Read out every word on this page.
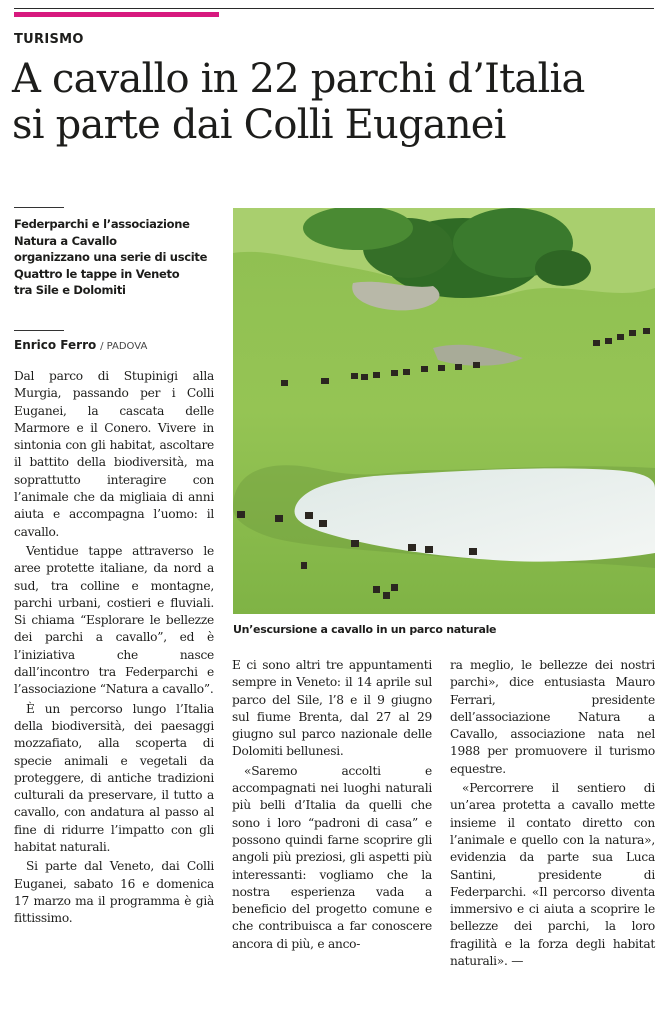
TURISMO
A cavallo in 22 parchi d’Italia
si parte dai Colli Euganei
Federparchi e l’associazione
Natura a Cavallo
organizzano una serie di uscite
Quattro le tappe in Veneto
tra Sile e Dolomiti
Enrico Ferro / PADOVA

Dal parco di Stupinigi alla Murgia, passando per i Colli Euganei, la cascata delle Marmore e il Conero. Vivere in sintonia con gli habitat, ascoltare il battito della biodiversità, ma soprattutto interagire con l’animale che da migliaia di anni aiuta e accompagna l’uomo: il cavallo.

Ventidue tappe attraverso le aree protette italiane, da nord a sud, tra colline e montagne, parchi urbani, costieri e fluviali. Si chiama “Esplorare le bellezze dei parchi a cavallo”, ed è l’iniziativa che nasce dall’incontro tra Federparchi e l’associazione “Natura a cavallo”.

È un percorso lungo l’Italia della biodiversità, dei paesaggi mozzafiato, alla scoperta di specie animali e vegetali da proteggere, di antiche tradizioni culturali da preservare, il tutto a cavallo, con andatura al passo al fine di ridurre l’impatto con gli habitat naturali.

Si parte dal Veneto, dai Colli Euganei, sabato 16 e domenica 17 marzo ma il programma è già fittissimo.

Un’escursione a cavallo in un parco naturale

E ci sono altri tre appuntamenti sempre in Veneto: il 14 aprile sul parco del Sile, l’8 e il 9 giugno sul fiume Brenta, dal 27 al 29 giugno sul parco nazionale delle Dolomiti bellunesi.

«Saremo accolti e accompagnati nei luoghi naturali più belli d’Italia da quelli che sono i loro “padroni di casa” e possono quindi farne scoprire gli angoli più preziosi, gli aspetti più interessanti: vogliamo che la nostra esperienza vada a beneficio del progetto comune e che contribuisca a far conoscere ancora di più, e anco-

ra meglio, le bellezze dei nostri parchi», dice entusiasta Mauro Ferrari, presidente dell’associazione Natura a Cavallo, associazione nata nel 1988 per promuovere il turismo equestre.

«Percorrere il sentiero di un’area protetta a cavallo mette insieme il contato diretto con l’animale e quello con la natura», evidenzia da parte sua Luca Santini, presidente di Federparchi. «Il percorso diventa immersivo e ci aiuta a scoprire le bellezze dei parchi, la loro fragilità e la forza degli habitat naturali». —
